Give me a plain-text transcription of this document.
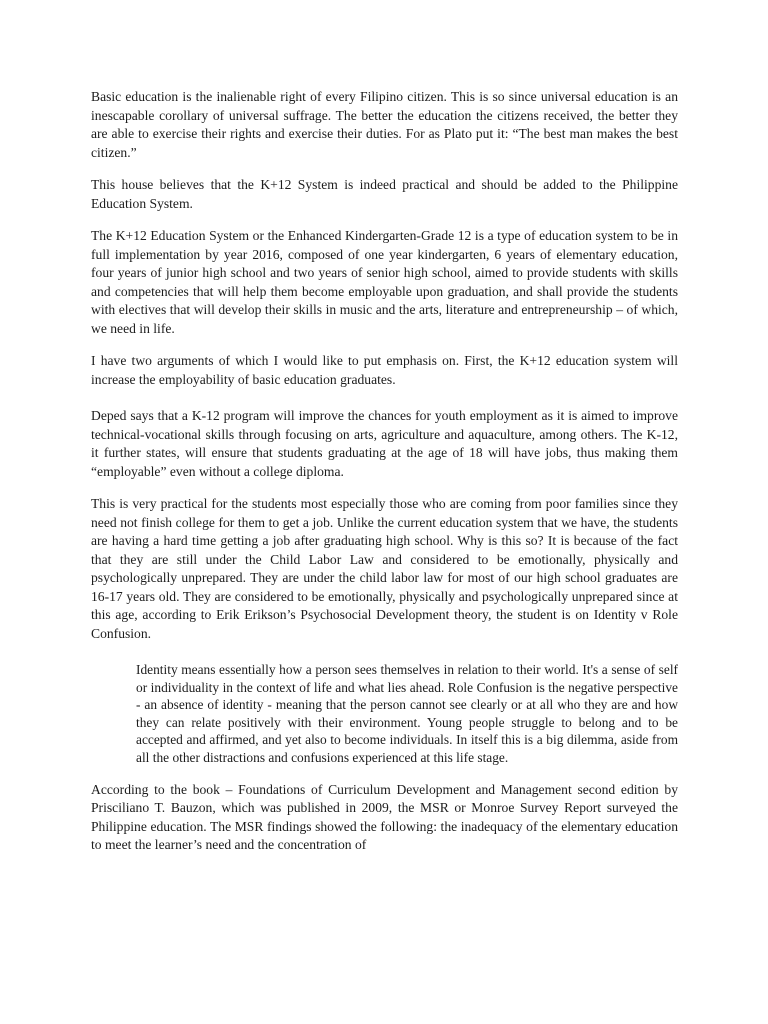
Basic education is the inalienable right of every Filipino citizen. This is so since universal education is an inescapable corollary of universal suffrage. The better the education the citizens received, the better they are able to exercise their rights and exercise their duties. For as Plato put it: “The best man makes the best citizen.”

This house believes that the K+12 System is indeed practical and should be added to the Philippine Education System.

The K+12 Education System or the Enhanced Kindergarten-Grade 12 is a type of education system to be in full implementation by year 2016, composed of one year kindergarten, 6 years of elementary education, four years of junior high school and two years of senior high school, aimed to provide students with skills and competencies that will help them become employable upon graduation, and shall provide the students with electives that will develop their skills in music and the arts, literature and entrepreneurship – of which, we need in life.

I have two arguments of which I would like to put emphasis on. First, the K+12 education system will increase the employability of basic education graduates.

Deped says that a K-12 program will improve the chances for youth employment as it is aimed to improve technical-vocational skills through focusing on arts, agriculture and aquaculture, among others. The K-12, it further states, will ensure that students graduating at the age of 18 will have jobs, thus making them “employable” even without a college diploma.

This is very practical for the students most especially those who are coming from poor families since they need not finish college for them to get a job. Unlike the current education system that we have, the students are having a hard time getting a job after graduating high school. Why is this so? It is because of the fact that they are still under the Child Labor Law and considered to be emotionally, physically and psychologically unprepared. They are under the child labor law for most of our high school graduates are 16-17 years old. They are considered to be emotionally, physically and psychologically unprepared since at this age, according to Erik Erikson’s Psychosocial Development theory, the student is on Identity v Role Confusion.

Identity means essentially how a person sees themselves in relation to their world. It's a sense of self or individuality in the context of life and what lies ahead. Role Confusion is the negative perspective - an absence of identity - meaning that the person cannot see clearly or at all who they are and how they can relate positively with their environment. Young people struggle to belong and to be accepted and affirmed, and yet also to become individuals. In itself this is a big dilemma, aside from all the other distractions and confusions experienced at this life stage.

According to the book – Foundations of Curriculum Development and Management second edition by Prisciliano T. Bauzon, which was published in 2009, the MSR or Monroe Survey Report surveyed the Philippine education. The MSR findings showed the following: the inadequacy of the elementary education to meet the learner’s need and the concentration of
